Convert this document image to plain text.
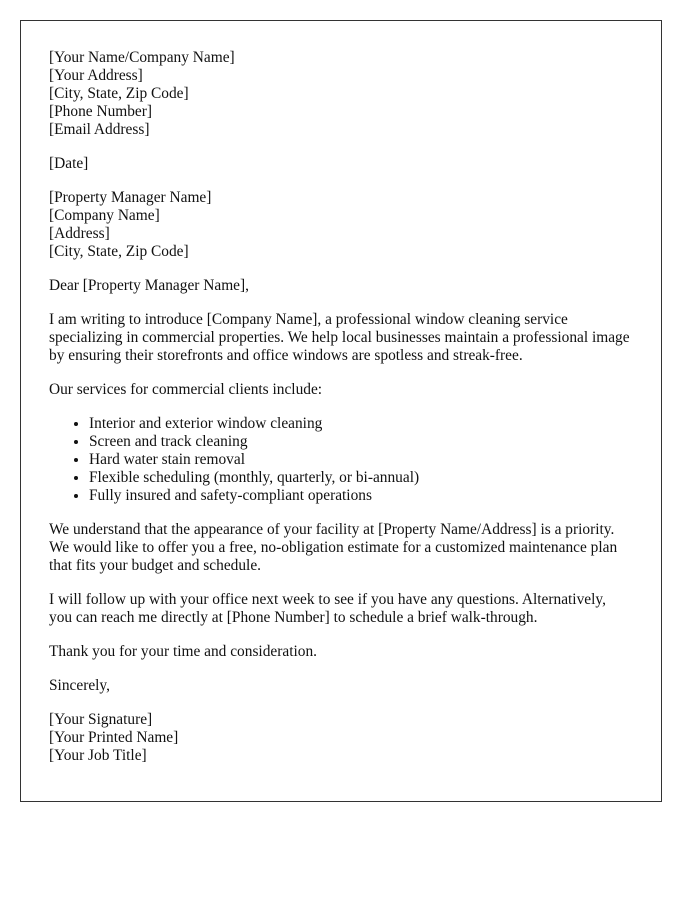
[Your Name/Company Name]
[Your Address]
[City, State, Zip Code]
[Phone Number]
[Email Address]

[Date]

[Property Manager Name]
[Company Name]
[Address]
[City, State, Zip Code]

Dear [Property Manager Name],

I am writing to introduce [Company Name], a professional window cleaning service specializing in commercial properties. We help local businesses maintain a professional image by ensuring their storefronts and office windows are spotless and streak-free.

Our services for commercial clients include:

• Interior and exterior window cleaning
• Screen and track cleaning
• Hard water stain removal
• Flexible scheduling (monthly, quarterly, or bi-annual)
• Fully insured and safety-compliant operations

We understand that the appearance of your facility at [Property Name/Address] is a priority. We would like to offer you a free, no-obligation estimate for a customized maintenance plan that fits your budget and schedule.

I will follow up with your office next week to see if you have any questions. Alternatively, you can reach me directly at [Phone Number] to schedule a brief walk-through.

Thank you for your time and consideration.

Sincerely,

[Your Signature]
[Your Printed Name]
[Your Job Title]
